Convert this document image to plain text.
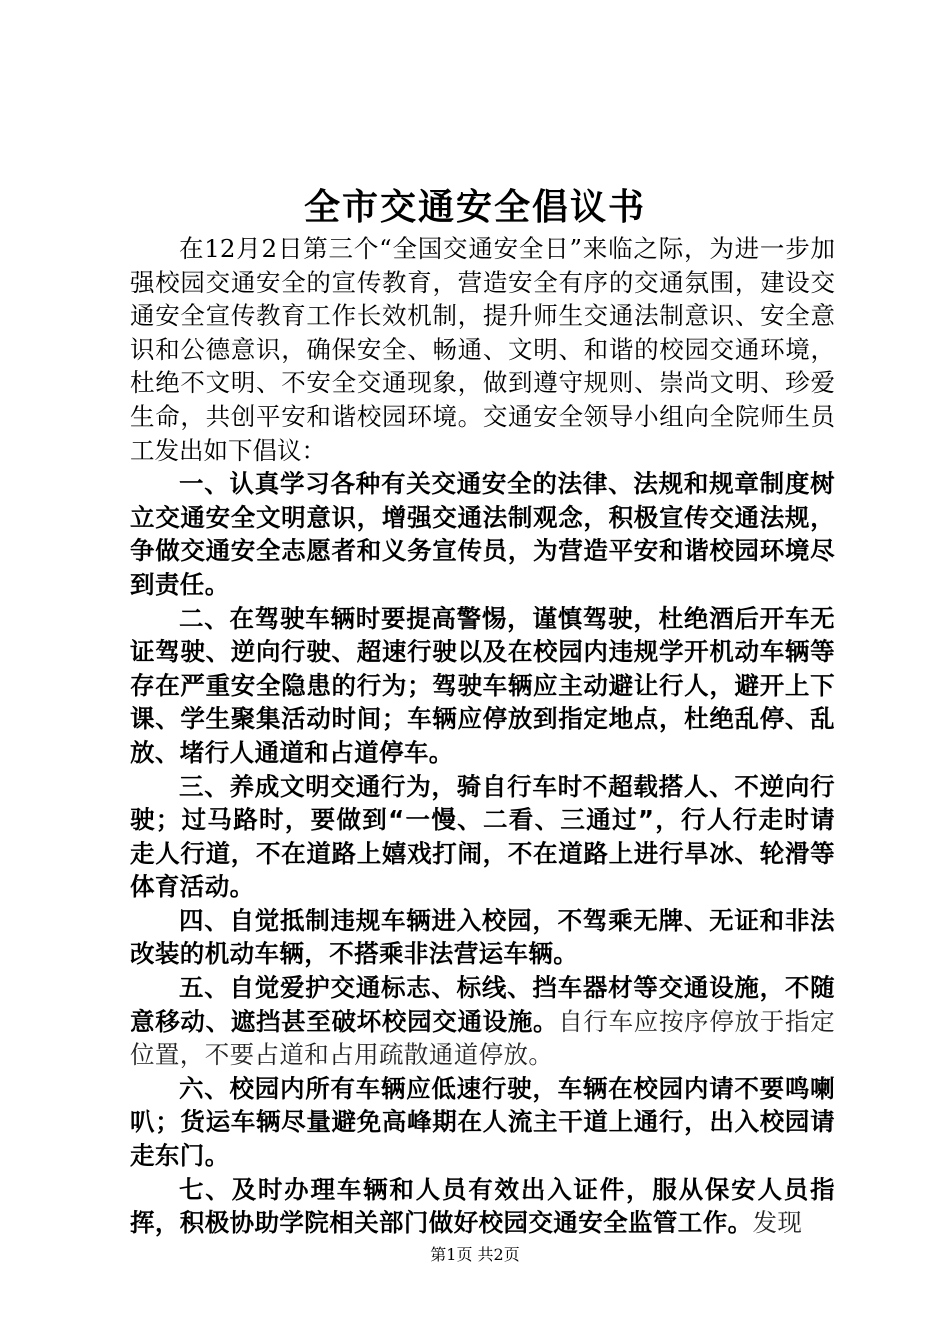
全市交通安全倡议书

在12月2日第三个“全国交通安全日”来临之际，为进一步加强校园交通安全的宣传教育，营造安全有序的交通氛围，建设交通安全宣传教育工作长效机制，提升师生交通法制意识、安全意识和公德意识，确保安全、畅通、文明、和谐的校园交通环境，杜绝不文明、不安全交通现象，做到遵守规则、崇尚文明、珍爱生命，共创平安和谐校园环境。交通安全领导小组向全院师生员工发出如下倡议：

一、认真学习各种有关交通安全的法律、法规和规章制度树立交通安全文明意识，增强交通法制观念，积极宣传交通法规，争做交通安全志愿者和义务宣传员，为营造平安和谐校园环境尽到责任。

二、在驾驶车辆时要提高警惕，谨慎驾驶，杜绝酒后开车无证驾驶、逆向行驶、超速行驶以及在校园内违规学开机动车辆等存在严重安全隐患的行为；驾驶车辆应主动避让行人，避开上下课、学生聚集活动时间；车辆应停放到指定地点，杜绝乱停、乱放、堵行人通道和占道停车。

三、养成文明交通行为，骑自行车时不超载搭人、不逆向行驶；过马路时，要做到“一慢、二看、三通过”，行人行走时请走人行道，不在道路上嬉戏打闹，不在道路上进行旱冰、轮滑等体育活动。

四、自觉抵制违规车辆进入校园，不驾乘无牌、无证和非法改装的机动车辆，不搭乘非法营运车辆。

五、自觉爱护交通标志、标线、挡车器材等交通设施，不随意移动、遮挡甚至破坏校园交通设施。自行车应按序停放于指定位置，不要占道和占用疏散通道停放。

六、校园内所有车辆应低速行驶，车辆在校园内请不要鸣喇叭；货运车辆尽量避免高峰期在人流主干道上通行，出入校园请走东门。

七、及时办理车辆和人员有效出入证件，服从保安人员指挥，积极协助学院相关部门做好校园交通安全监管工作。发现

第1页 共2页
